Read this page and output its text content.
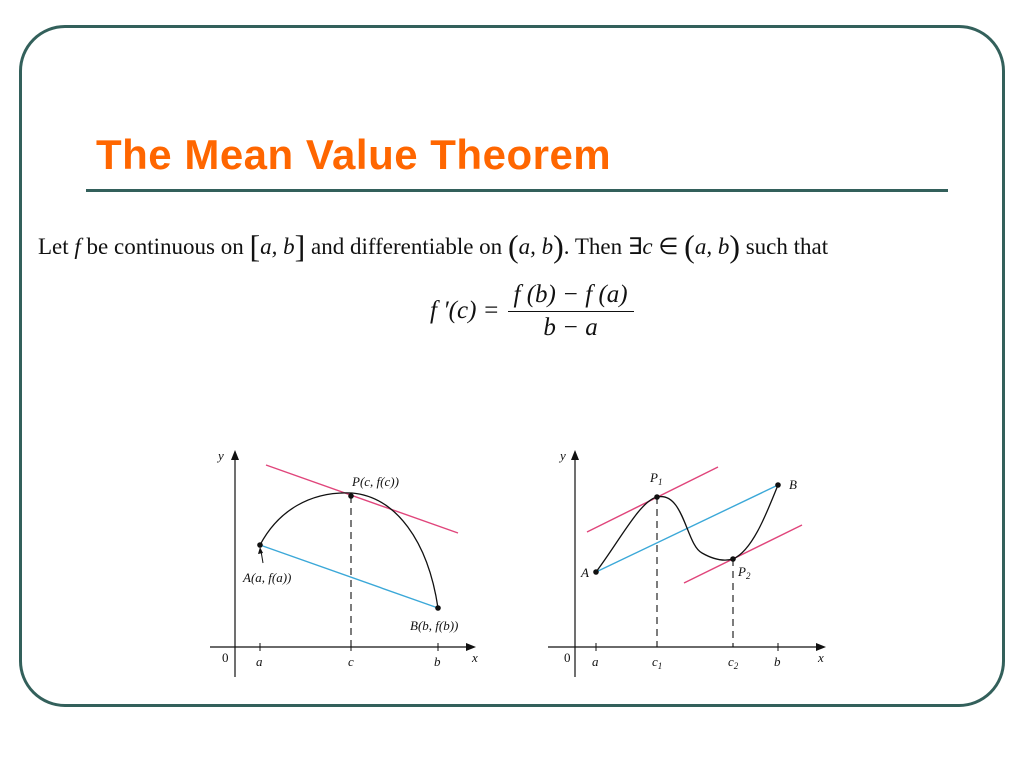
The Mean Value Theorem
Let f be continuous on [a, b] and differentiable on (a, b). Then ∃c ∈ (a, b) such that
f $'(c) = \frac{f (b) - f (a)}{b - a}$
y
x
0
P(c, f(c))
A(a, f(a))
B(b, f(b))
a	c	b
y
x
0
$P_1$
$P_2$
A
B
a	$c_1$	$c_2$	b
